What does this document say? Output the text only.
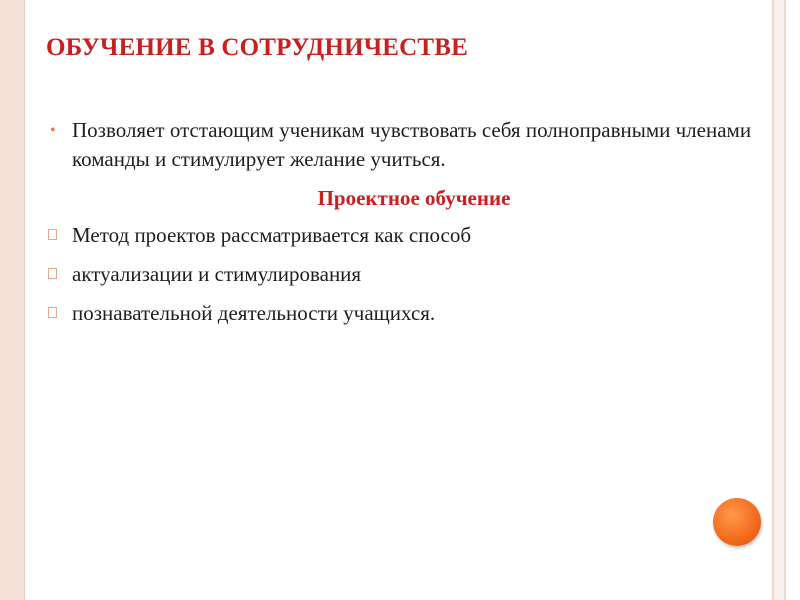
ОБУЧЕНИЕ В СОТРУДНИЧЕСТВЕ
• Позволяет отстающим ученикам чувствовать себя полноправными членами команды и стимулирует желание учиться.
Проектное обучение
Метод проектов рассматривается как способ
актуализации и стимулирования
познавательной деятельности учащихся.
